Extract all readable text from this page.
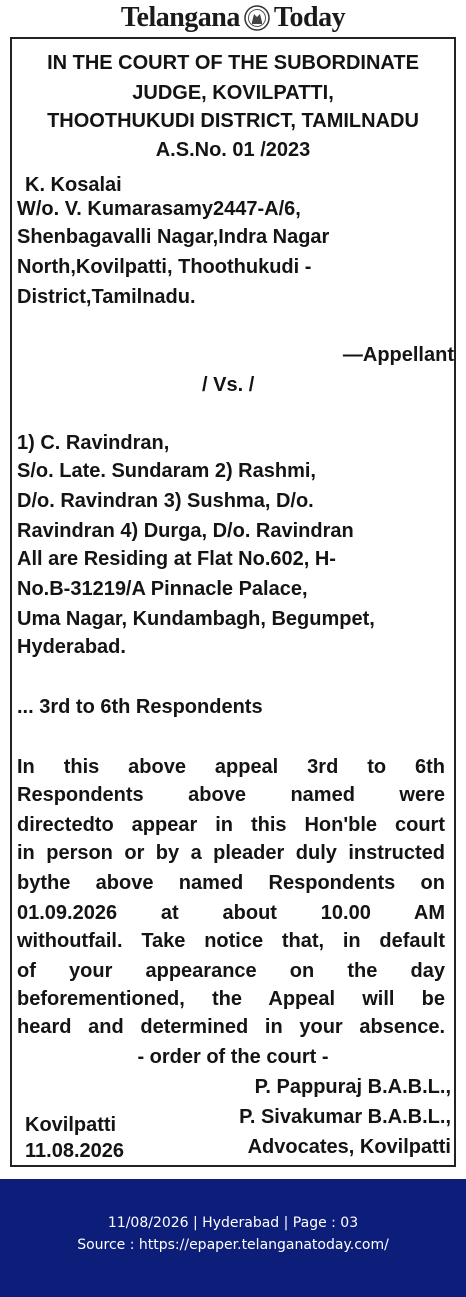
Telangana Today
IN THE COURT OF THE SUBORDINATE
JUDGE, KOVILPATTI,
THOOTHUKUDI DISTRICT, TAMILNADU
A.S.No. 01 /2023
K. Kosalai
W/o. V. Kumarasamy2447-A/6,
Shenbagavalli Nagar,Indra Nagar
North,Kovilpatti, Thoothukudi -
District,Tamilnadu.
—Appellant
/ Vs. /
1) C. Ravindran,
S/o. Late. Sundaram 2) Rashmi,
D/o. Ravindran 3) Sushma, D/o.
Ravindran 4) Durga, D/o. Ravindran
All are Residing at Flat No.602, H-
No.B-31219/A Pinnacle Palace,
Uma Nagar, Kundambagh, Begumpet,
Hyderabad.
... 3rd to 6th Respondents
In this above appeal 3rd to 6th
Respondents above named were
directedto appear in this Hon'ble court
in person or by a pleader duly instructed
bythe above named Respondents on
01.09.2026 at about 10.00 AM
withoutfail. Take notice that, in default
of your appearance on the day
beforementioned, the Appeal will be
heard and determined in your absence.
- order of the court -
P. Pappuraj B.A.B.L.,
P. Sivakumar B.A.B.L.,
Advocates, Kovilpatti
Kovilpatti
11.08.2026
11/08/2026 | Hyderabad | Page : 03
Source : https://epaper.telanganatoday.com/
